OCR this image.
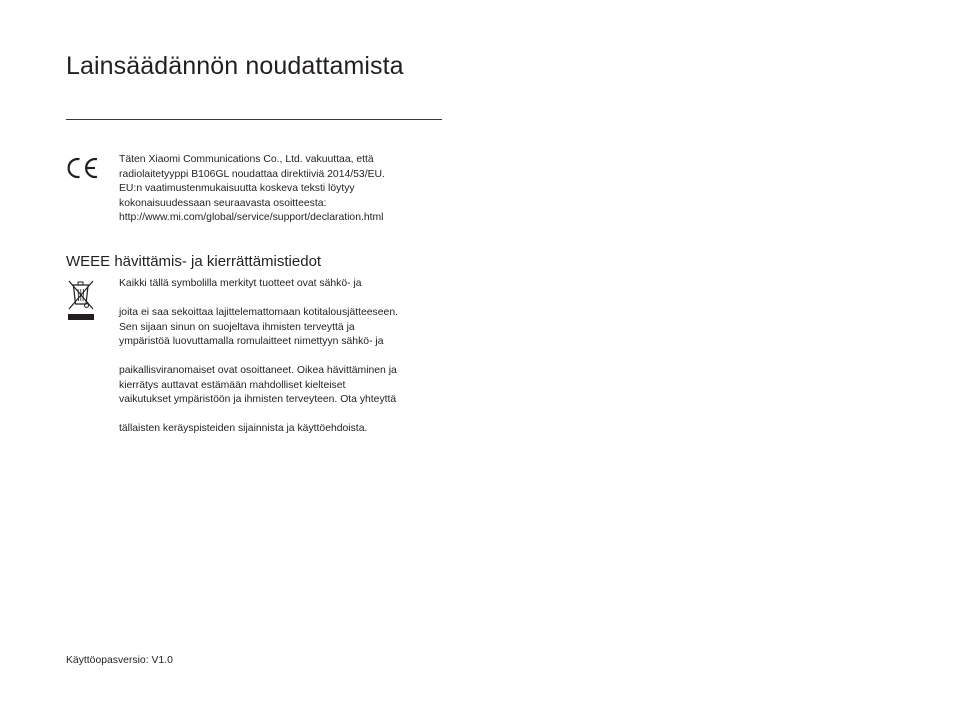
Lainsäädännön noudattamista
Täten Xiaomi Communications Co., Ltd. vakuuttaa, että
radiolaitetyyppi B106GL noudattaa direktiiviä 2014/53/EU.
EU:n vaatimustenmukaisuutta koskeva teksti löytyy
kokonaisuudessaan seuraavasta osoitteesta:
http://www.mi.com/global/service/support/declaration.html
WEEE hävittämis- ja kierrättämistiedot
Kaikki tällä symbolilla merkityt tuotteet ovat sähkö- ja
joita ei saa sekoittaa lajittelemattomaan kotitalousjätteeseen.
Sen sijaan sinun on suojeltava ihmisten terveyttä ja
ympäristöä luovuttamalla romulaitteet nimettyyn sähkö- ja
paikallisviranomaiset ovat osoittaneet. Oikea hävittäminen ja
kierrätys auttavat estämään mahdolliset kielteiset
vaikutukset ympäristöön ja ihmisten terveyteen. Ota yhteyttä
tällaisten keräyspisteiden sijainnista ja käyttöehdoista.
Käyttöopasversio: V1.0
